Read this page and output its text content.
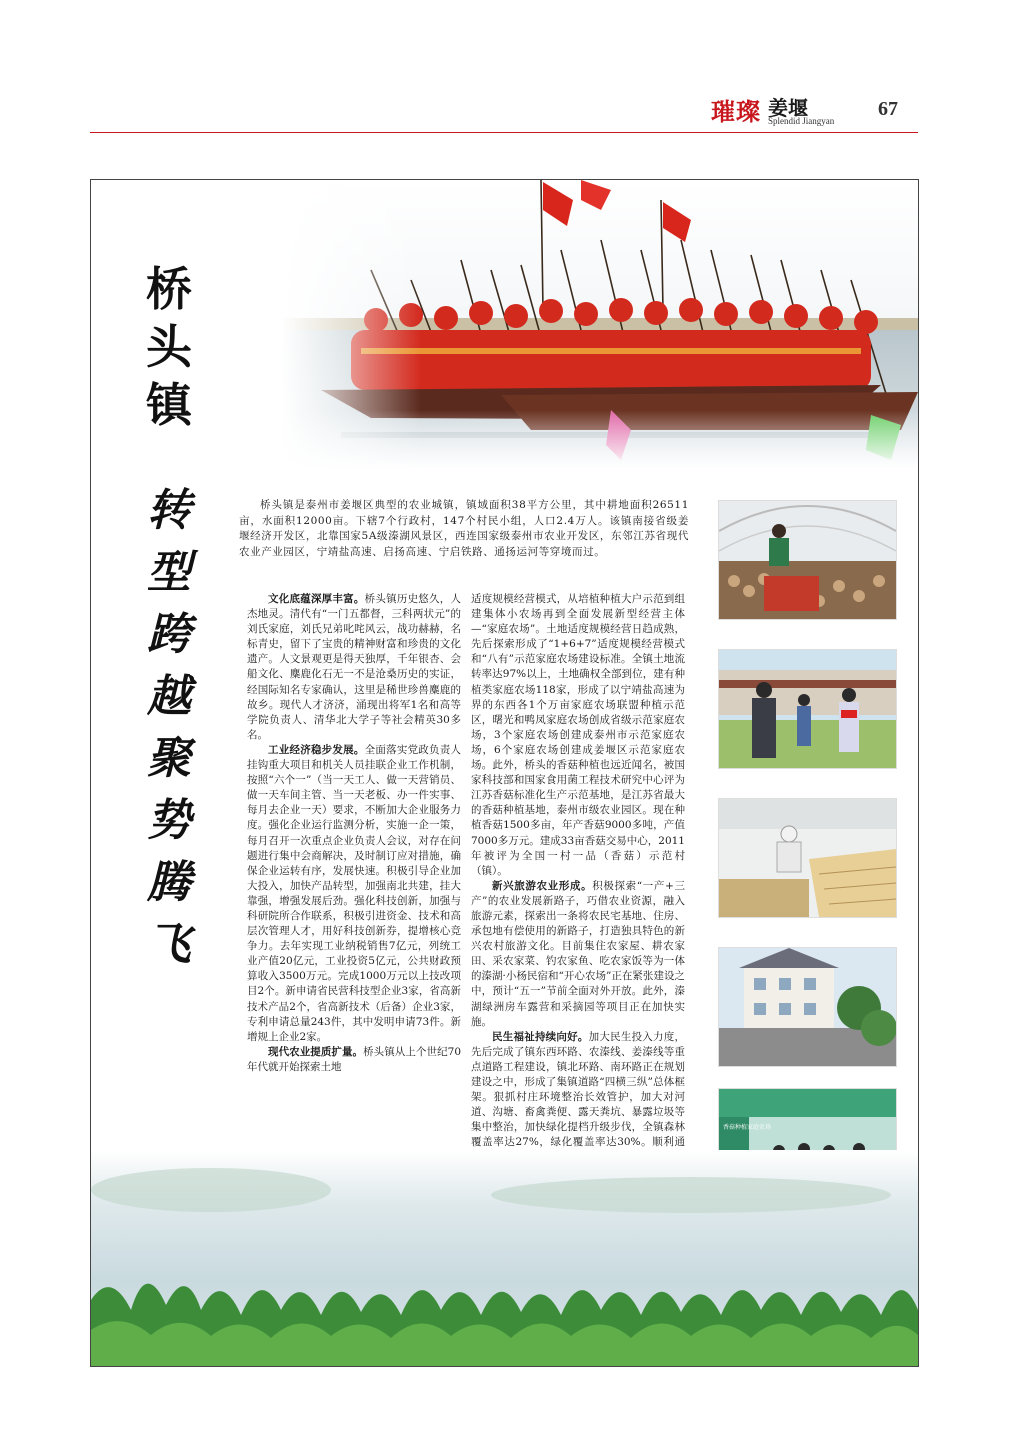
璀璨 姜堰
Splendid Jiangyan
67
桥头镇
转型跨越 聚势腾飞
桥头镇是泰州市姜堰区典型的农业城镇，镇域面积38平方公里，其中耕地面积26511亩，水面积12000亩。下辖7个行政村，147个村民小组，人口2.4万人。该镇南接省级姜堰经济开发区，北靠国家5A级溱湖风景区，西连国家级泰州市农业开发区，东邻江苏省现代农业产业园区，宁靖盐高速、启扬高速、宁启铁路、通扬运河等穿境而过。

文化底蕴深厚丰富。桥头镇历史悠久，人杰地灵。清代有“一门五都督，三科两状元”的刘氏家庭，刘氏兄弟叱咤风云，战功赫赫，名标青史，留下了宝贵的精神财富和珍贵的文化遗产。人文景观更是得天独厚，千年银杏、会船文化、麋鹿化石无一不是沧桑历史的实证，经国际知名专家确认，这里是稀世珍兽麋鹿的故乡。现代人才济济，涌现出将军1名和高等学院负责人、清华北大学子等社会精英30多名。

工业经济稳步发展。全面落实党政负责人挂钩重大项目和机关人员挂联企业工作机制，按照“六个一”（当一天工人、做一天营销员、做一天车间主管、当一天老板、办一件实事、每月去企业一天）要求，不断加大企业服务力度。强化企业运行监测分析，实施一企一策，每月召开一次重点企业负责人会议，对存在问题进行集中会商解决，及时制订应对措施，确保企业运转有序，发展快速。积极引导企业加大投入，加快产品转型，加强南北共建，挂大靠强，增强发展后劲。强化科技创新，加强与科研院所合作联系，积极引进资金、技术和高层次管理人才，用好科技创新券，提增核心竞争力。去年实现工业纳税销售7亿元，列统工业产值20亿元，工业投资5亿元，公共财政预算收入3500万元。完成1000万元以上技改项目2个。新申请省民营科技型企业3家，省高新技术产品2个，省高新技术（后备）企业3家，专利申请总量243件，其中发明申请73件。新增规上企业2家。

现代农业提质扩量。桥头镇从上个世纪70年代就开始探索土地

适度规模经营模式，从培植种植大户示范到组建集体小农场再到全面发展新型经营主体—“家庭农场”。土地适度规模经营日趋成熟，先后探索形成了“1+6+7”适度规模经营模式和“八有”示范家庭农场建设标准。全镇土地流转率达97%以上，土地确权全部到位，建有种植类家庭农场118家，形成了以宁靖盐高速为界的东西各1个万亩家庭农场联盟种植示范区，曙光和鸭凤家庭农场创成省级示范家庭农场，3个家庭农场创建成泰州市示范家庭农场，6个家庭农场创建成姜堰区示范家庭农场。此外，桥头的香菇种植也远近闻名，被国家科技部和国家食用菌工程技术研究中心评为江苏香菇标准化生产示范基地，是江苏省最大的香菇种植基地，泰州市级农业园区。现在种植香菇1500多亩，年产香菇9000多吨，产值7000多万元。建成33亩香菇交易中心，2011年被评为全国一村一品（香菇）示范村（镇）。

新兴旅游农业形成。积极探索“一产+三产”的农业发展新路子，巧借农业资源，融入旅游元素，探索出一条将农民宅基地、住房、承包地有偿使用的新路子，打造独具特色的新兴农村旅游文化。目前集住农家屋、耕农家田、采农家菜、钓农家鱼、吃农家饭等为一体的溱湖·小杨民宿和“开心农场”正在紧张建设之中，预计“五一”节前全面对外开放。此外，溱湖绿洲房车露营和采摘园等项目正在加快实施。

民生福祉持续向好。加大民生投入力度，先后完成了镇东西环路、农溱线、姜溱线等重点道路工程建设，镇北环路、南环路正在规划建设之中，形成了集镇道路“四横三纵”总体框架。狠抓村庄环境整治长效管护，加大对河道、沟塘、畜禽粪便、露天粪坑、暴露垃圾等集中整治，加快绿化提档升级步伐，全镇森林覆盖率达27%，绿化覆盖率达30%。顺利通

香菇种植家庭农场
